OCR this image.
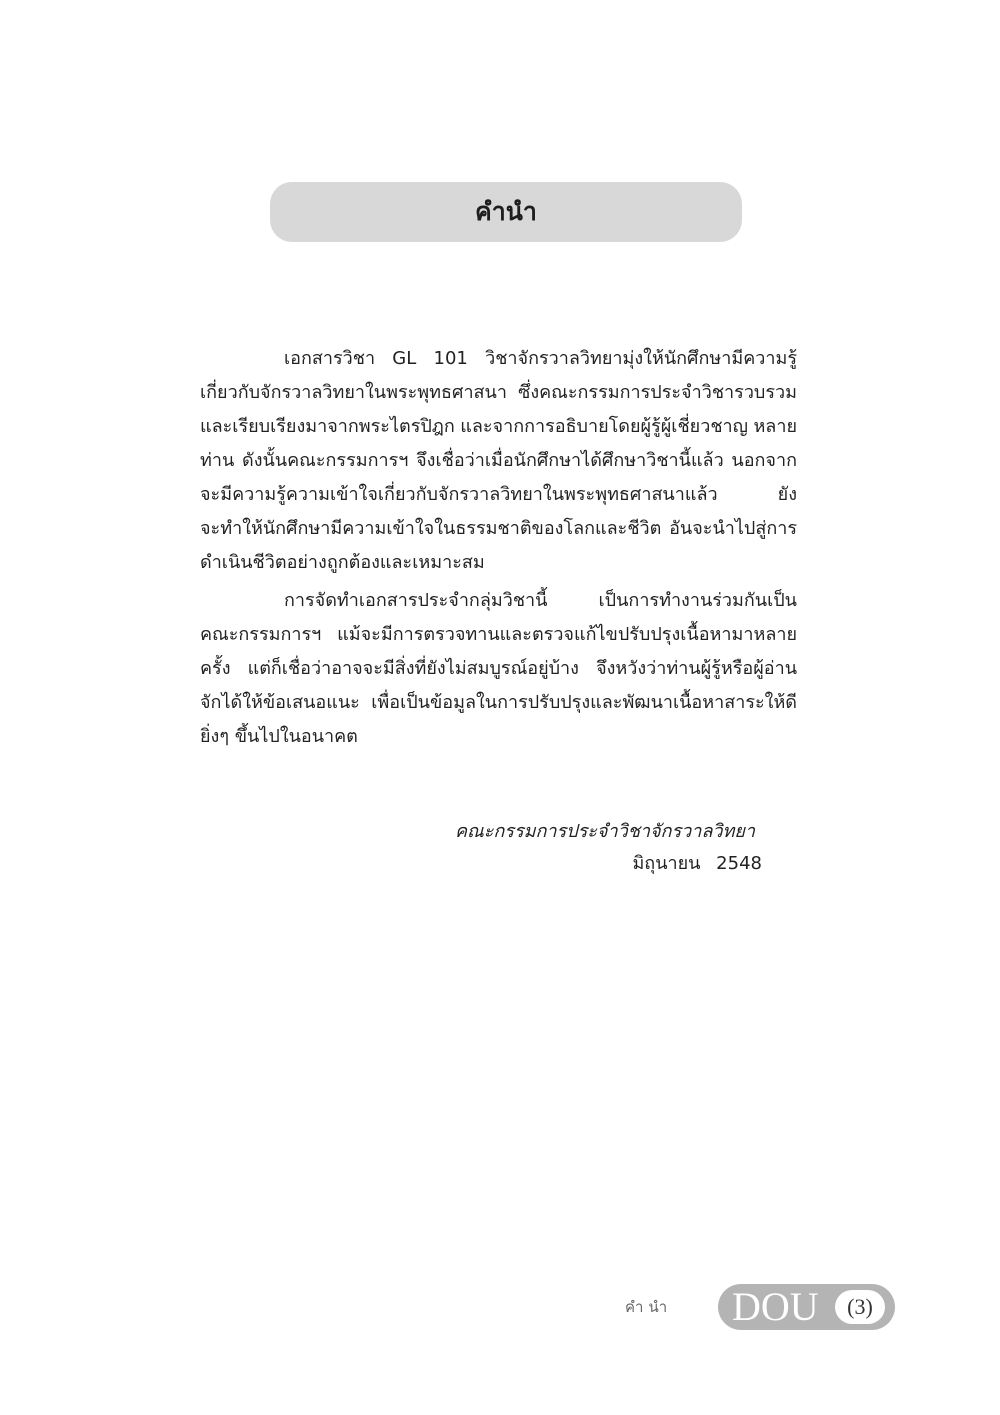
คำนำ
เอกสารวิชา GL 101 วิชาจักรวาลวิทยามุ่งให้นักศึกษามีความรู้
เกี่ยวกับจักรวาลวิทยาในพระพุทธศาสนา ซึ่งคณะกรรมการประจำวิชารวบรวม
และเรียบเรียงมาจากพระไตรปิฎก และจากการอธิบายโดยผู้รู้ผู้เชี่ยวชาญ หลาย
ท่าน ดังนั้นคณะกรรมการฯ จึงเชื่อว่าเมื่อนักศึกษาได้ศึกษาวิชานี้แล้ว นอกจาก
จะมีความรู้ความเข้าใจเกี่ยวกับจักรวาลวิทยาในพระพุทธศาสนาแล้ว	ยัง
จะทำให้นักศึกษามีความเข้าใจในธรรมชาติของโลกและชีวิต อันจะนำไปสู่การ
ดำเนินชีวิตอย่างถูกต้องและเหมาะสม
การจัดทำเอกสารประจำกลุ่มวิชานี้	เป็นการทำงานร่วมกันเป็น
คณะกรรมการฯ แม้จะมีการตรวจทานและตรวจแก้ไขปรับปรุงเนื้อหามาหลาย
ครั้ง แต่ก็เชื่อว่าอาจจะมีสิ่งที่ยังไม่สมบูรณ์อยู่บ้าง จึงหวังว่าท่านผู้รู้หรือผู้อ่าน
จักได้ให้ข้อเสนอแนะ เพื่อเป็นข้อมูลในการปรับปรุงและพัฒนาเนื้อหาสาระให้ดี
ยิ่งๆ ขึ้นไปในอนาคต
คณะกรรมการประจำวิชาจักรวาลวิทยา
มิถุนายน 2548
คำนำ DOU	(3)
